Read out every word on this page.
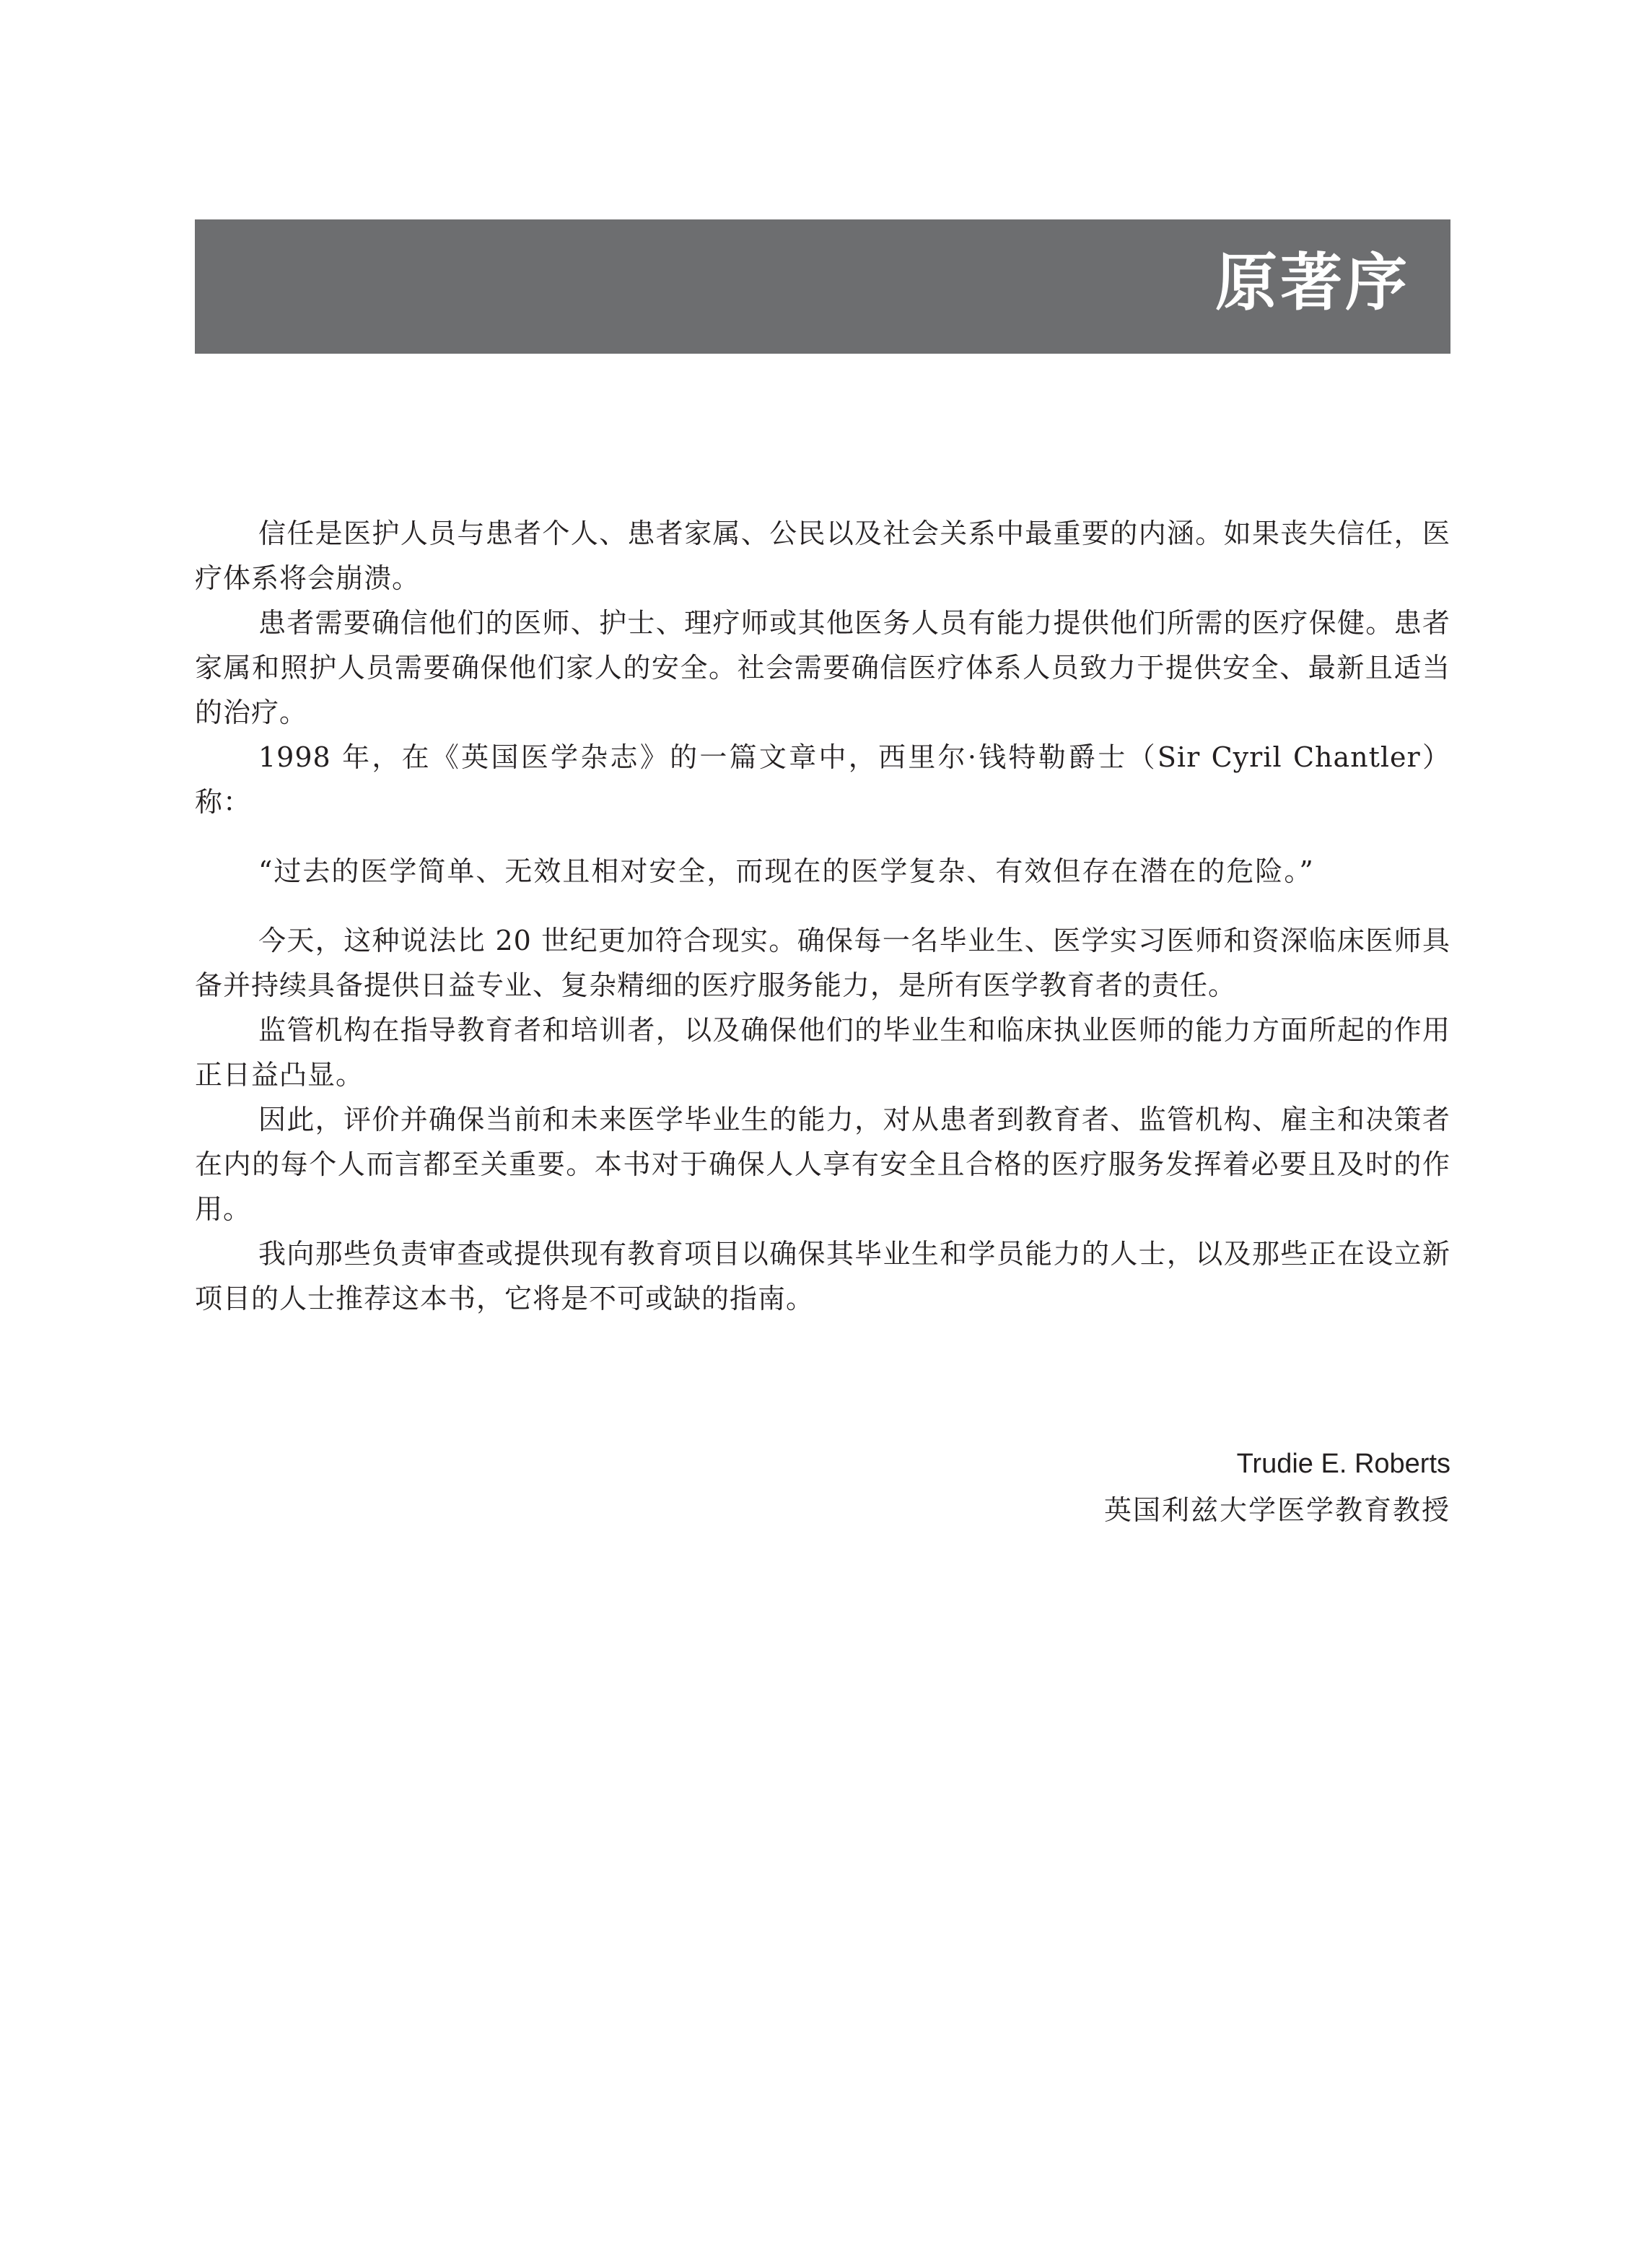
原著序

信任是医护人员与患者个人、患者家属、公民以及社会关系中最重要的内涵。如果丧失信任，医疗体系将会崩溃。

患者需要确信他们的医师、护士、理疗师或其他医务人员有能力提供他们所需的医疗保健。患者家属和照护人员需要确保他们家人的安全。社会需要确信医疗体系人员致力于提供安全、最新且适当的治疗。

1998 年，在《英国医学杂志》的一篇文章中，西里尔·钱特勒爵士（Sir Cyril Chantler）称：

“过去的医学简单、无效且相对安全，而现在的医学复杂、有效但存在潜在的危险。”

今天，这种说法比 20 世纪更加符合现实。确保每一名毕业生、医学实习医师和资深临床医师具备并持续具备提供日益专业、复杂精细的医疗服务能力，是所有医学教育者的责任。

监管机构在指导教育者和培训者，以及确保他们的毕业生和临床执业医师的能力方面所起的作用正日益凸显。

因此，评价并确保当前和未来医学毕业生的能力，对从患者到教育者、监管机构、雇主和决策者在内的每个人而言都至关重要。本书对于确保人人享有安全且合格的医疗服务发挥着必要且及时的作用。

我向那些负责审查或提供现有教育项目以确保其毕业生和学员能力的人士，以及那些正在设立新项目的人士推荐这本书，它将是不可或缺的指南。

Trudie E. Roberts
英国利兹大学医学教育教授
